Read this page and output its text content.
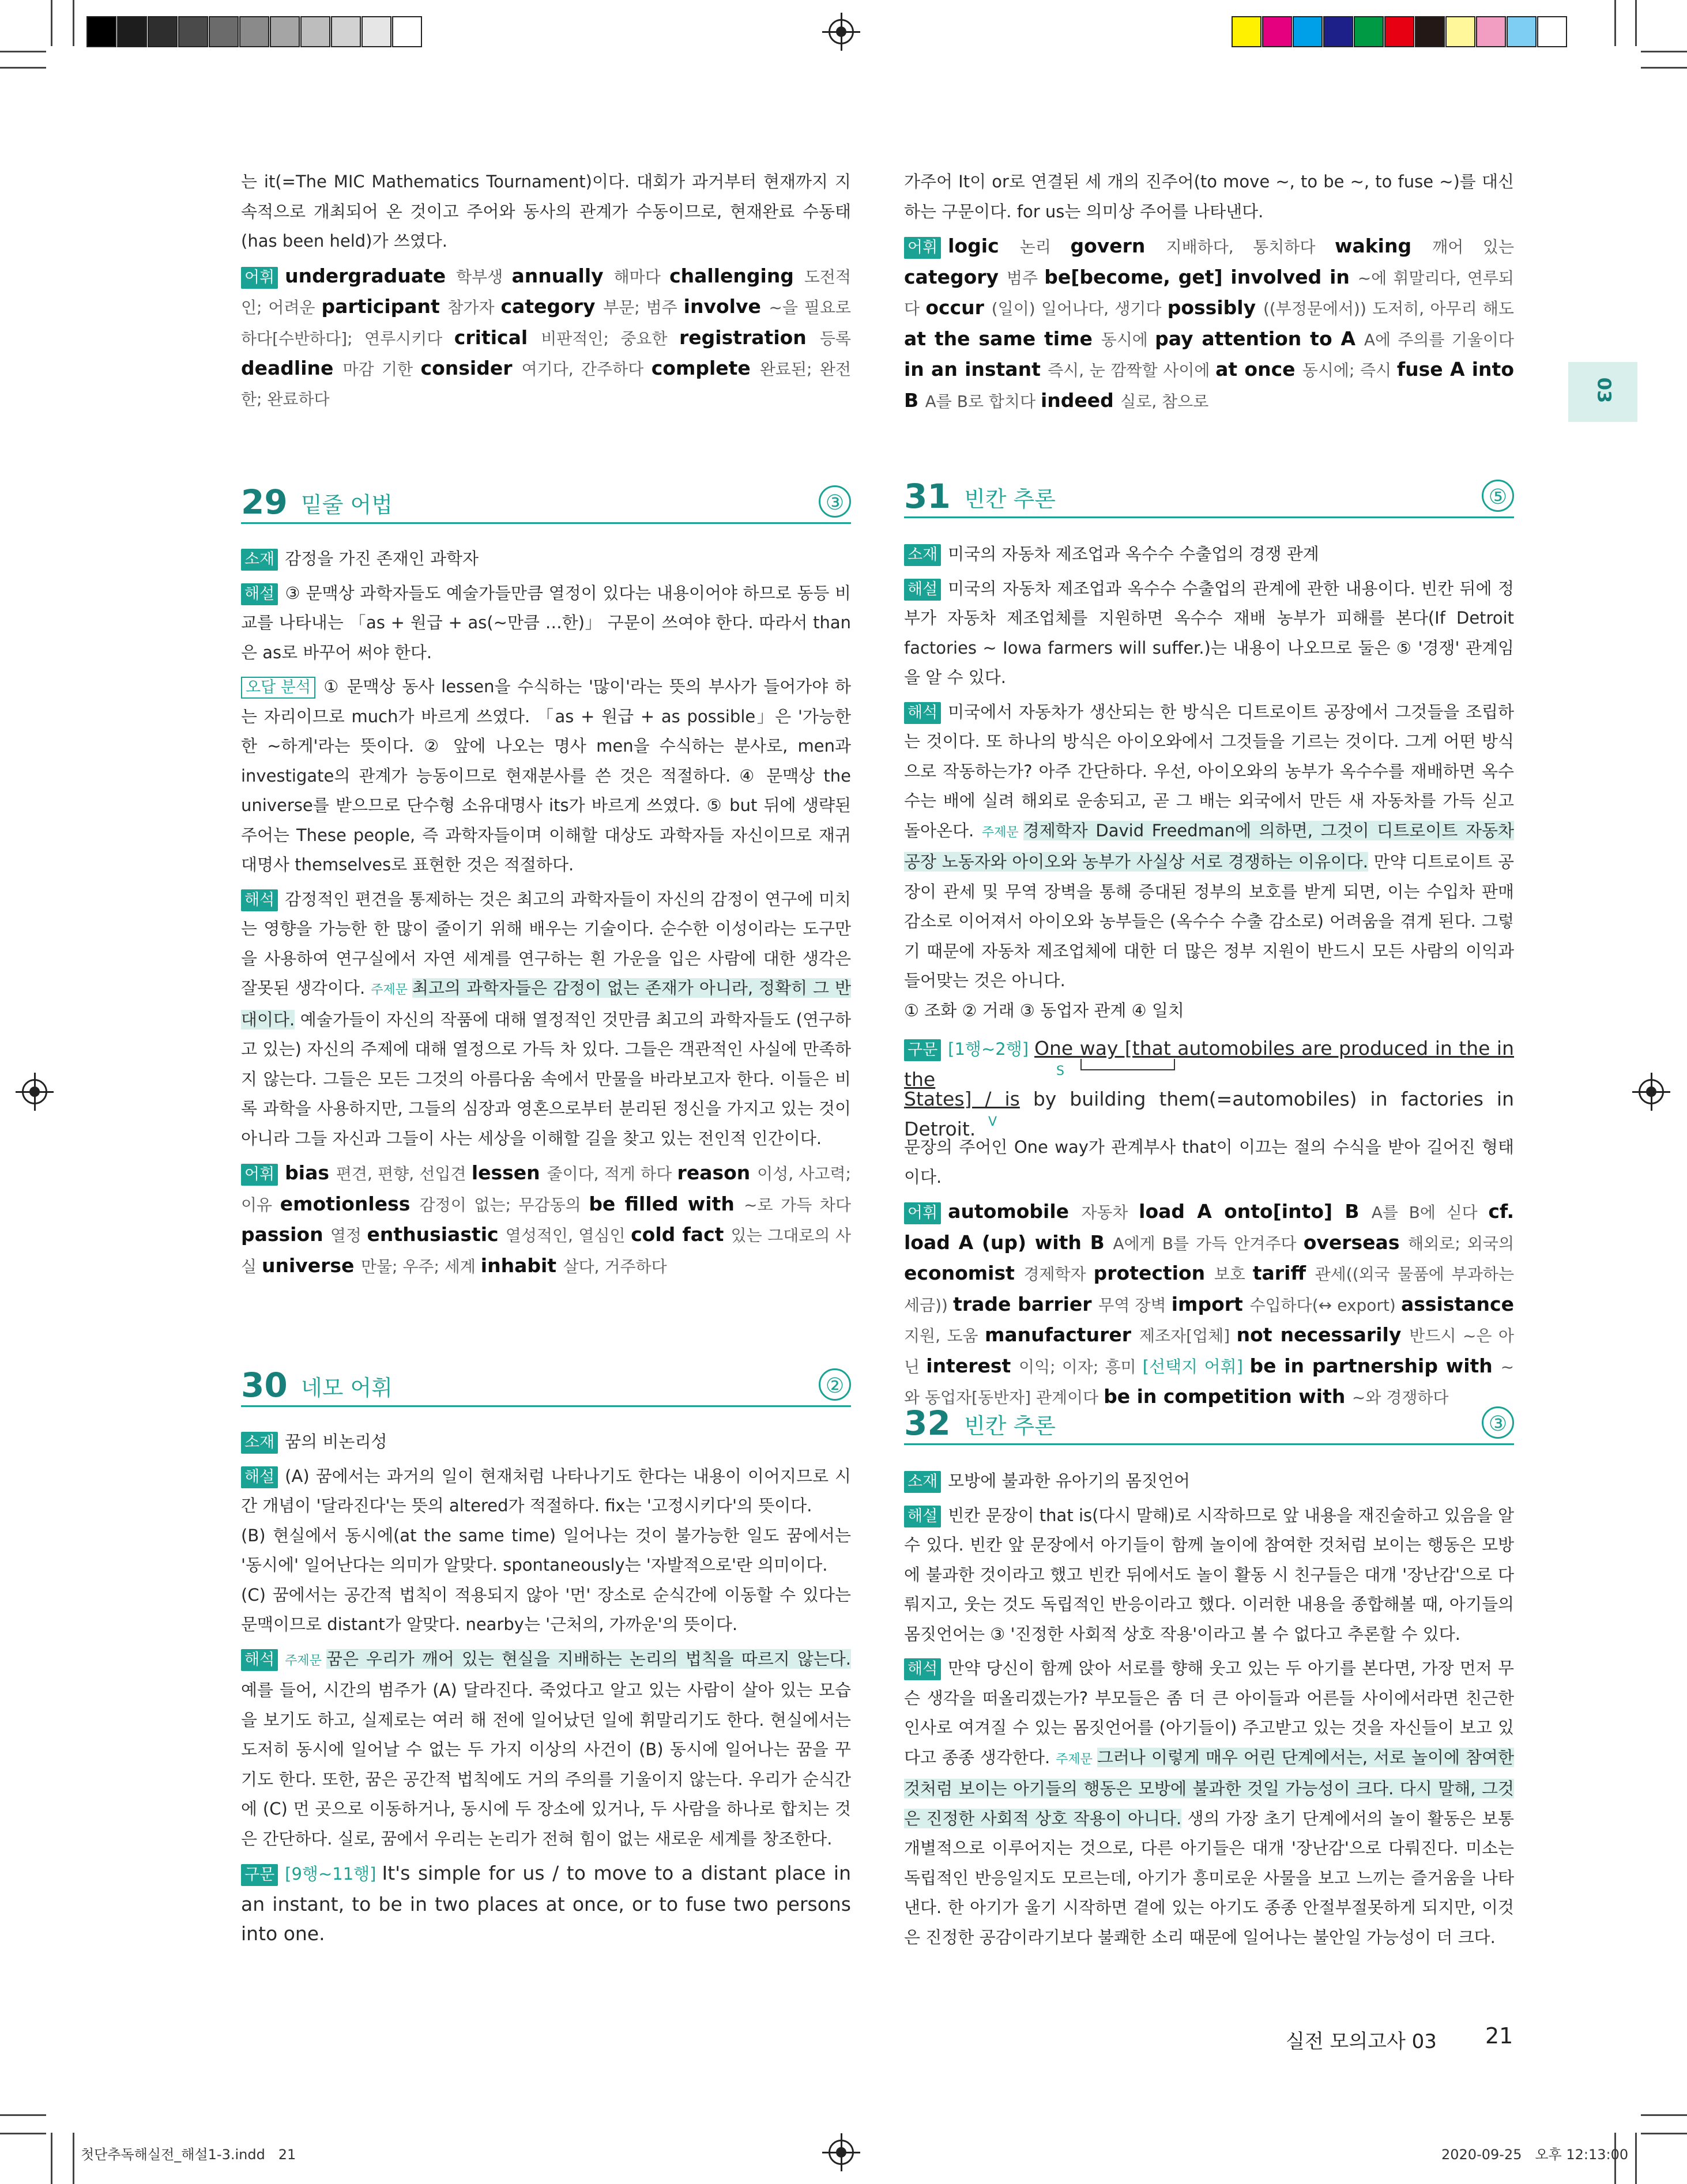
03

는 it(=The MIC Mathematics Tournament)이다. 대회가 과거부터 현재까지 지속적으로 개최되어 온 것이고 주어와 동사의 관계가 수동이므로, 현재완료 수동태(has been held)가 쓰였다.

어휘 undergraduate 학부생 annually 해마다 challenging 도전적인; 어려운 participant 참가자 category 부문; 범주 involve ~을 필요로 하다[수반하다]; 연루시키다 critical 비판적인; 중요한 registration 등록 deadline 마감 기한 consider 여기다, 간주하다 complete 완료된; 완전한; 완료하다

29 밑줄 어법	③

소재 감정을 가진 존재인 과학자

해설 ③ 문맥상 과학자들도 예술가들만큼 열정이 있다는 내용이어야 하므로 동등 비교를 나타내는 「as + 원급 + as(~만큼 …한)」 구문이 쓰여야 한다. 따라서 than은 as로 바꾸어 써야 한다.

오답 분석 ① 문맥상 동사 lessen을 수식하는 '많이'라는 뜻의 부사가 들어가야 하는 자리이므로 much가 바르게 쓰였다. 「as + 원급 + as possible」은 '가능한 한 ~하게'라는 뜻이다. ② 앞에 나오는 명사 men을 수식하는 분사로, men과 investigate의 관계가 능동이므로 현재분사를 쓴 것은 적절하다. ④ 문맥상 the universe를 받으므로 단수형 소유대명사 its가 바르게 쓰였다. ⑤ but 뒤에 생략된 주어는 These people, 즉 과학자들이며 이해할 대상도 과학자들 자신이므로 재귀대명사 themselves로 표현한 것은 적절하다.

해석 감정적인 편견을 통제하는 것은 최고의 과학자들이 자신의 감정이 연구에 미치는 영향을 가능한 한 많이 줄이기 위해 배우는 기술이다. 순수한 이성이라는 도구만을 사용하여 연구실에서 자연 세계를 연구하는 흰 가운을 입은 사람에 대한 생각은 잘못된 생각이다. 주제문 최고의 과학자들은 감정이 없는 존재가 아니라, 정확히 그 반대이다. 예술가들이 자신의 작품에 대해 열정적인 것만큼 최고의 과학자들도 (연구하고 있는) 자신의 주제에 대해 열정으로 가득 차 있다. 그들은 객관적인 사실에 만족하지 않는다. 그들은 모든 그것의 아름다움 속에서 만물을 바라보고자 한다. 이들은 비록 과학을 사용하지만, 그들의 심장과 영혼으로부터 분리된 정신을 가지고 있는 것이 아니라 그들 자신과 그들이 사는 세상을 이해할 길을 찾고 있는 전인적 인간이다.

어휘 bias 편견, 편향, 선입견 lessen 줄이다, 적게 하다 reason 이성, 사고력; 이유 emotionless 감정이 없는; 무감동의 be filled with ~로 가득 차다 passion 열정 enthusiastic 열성적인, 열심인 cold fact 있는 그대로의 사실 universe 만물; 우주; 세계 inhabit 살다, 거주하다

30 네모 어휘	②

소재 꿈의 비논리성

해설 (A) 꿈에서는 과거의 일이 현재처럼 나타나기도 한다는 내용이 이어지므로 시간 개념이 '달라진다'는 뜻의 altered가 적절하다. fix는 '고정시키다'의 뜻이다.

(B) 현실에서 동시에(at the same time) 일어나는 것이 불가능한 일도 꿈에서는 '동시에' 일어난다는 의미가 알맞다. spontaneously는 '자발적으로'란 의미이다.

(C) 꿈에서는 공간적 법칙이 적용되지 않아 '먼' 장소로 순식간에 이동할 수 있다는 문맥이므로 distant가 알맞다. nearby는 '근처의, 가까운'의 뜻이다.

해석 주제문 꿈은 우리가 깨어 있는 현실을 지배하는 논리의 법칙을 따르지 않는다. 예를 들어, 시간의 범주가 (A) 달라진다. 죽었다고 알고 있는 사람이 살아 있는 모습을 보기도 하고, 실제로는 여러 해 전에 일어났던 일에 휘말리기도 한다. 현실에서는 도저히 동시에 일어날 수 없는 두 가지 이상의 사건이 (B) 동시에 일어나는 꿈을 꾸기도 한다. 또한, 꿈은 공간적 법칙에도 거의 주의를 기울이지 않는다. 우리가 순식간에 (C) 먼 곳으로 이동하거나, 동시에 두 장소에 있거나, 두 사람을 하나로 합치는 것은 간단하다. 실로, 꿈에서 우리는 논리가 전혀 힘이 없는 새로운 세계를 창조한다.

구문 [9행~11행] It's simple for us / to move to a distant place in an instant, to be in two places at once, or to fuse two persons into one.

가주어 It이 or로 연결된 세 개의 진주어(to move ~, to be ~, to fuse ~)를 대신하는 구문이다. for us는 의미상 주어를 나타낸다.

어휘 logic 논리 govern 지배하다, 통치하다 waking 깨어 있는 category 범주 be[become, get] involved in ~에 휘말리다, 연루되다 occur (일이) 일어나다, 생기다 possibly ((부정문에서)) 도저히, 아무리 해도 at the same time 동시에 pay attention to A A에 주의를 기울이다 in an instant 즉시, 눈 깜짝할 사이에 at once 동시에; 즉시 fuse A into B A를 B로 합치다 indeed 실로, 참으로

31 빈칸 추론	⑤

소재 미국의 자동차 제조업과 옥수수 수출업의 경쟁 관계

해설 미국의 자동차 제조업과 옥수수 수출업의 관계에 관한 내용이다. 빈칸 뒤에 정부가 자동차 제조업체를 지원하면 옥수수 재배 농부가 피해를 본다(If Detroit factories ~ Iowa farmers will suffer.)는 내용이 나오므로 둘은 ⑤ '경쟁' 관계임을 알 수 있다.

해석 미국에서 자동차가 생산되는 한 방식은 디트로이트 공장에서 그것들을 조립하는 것이다. 또 하나의 방식은 아이오와에서 그것들을 기르는 것이다. 그게 어떤 방식으로 작동하는가? 아주 간단하다. 우선, 아이오와의 농부가 옥수수를 재배하면 옥수수는 배에 실려 해외로 운송되고, 곧 그 배는 외국에서 만든 새 자동차를 가득 싣고 돌아온다. 주제문 경제학자 David Freedman에 의하면, 그것이 디트로이트 자동차 공장 노동자와 아이오와 농부가 사실상 서로 경쟁하는 이유이다. 만약 디트로이트 공장이 관세 및 무역 장벽을 통해 증대된 정부의 보호를 받게 되면, 이는 수입차 판매 감소로 이어져서 아이오와 농부들은 (옥수수 수출 감소로) 어려움을 겪게 된다. 그렇기 때문에 자동차 제조업체에 대한 더 많은 정부 지원이 반드시 모든 사람의 이익과 들어맞는 것은 아니다.

① 조화 ② 거래 ③ 동업자 관계 ④ 일치

구문 [1행~2행] One way [that automobiles are produced in the in the	S
States] / is by building them(=automobiles) in factories in Detroit. V

문장의 주어인 One way가 관계부사 that이 이끄는 절의 수식을 받아 길어진 형태이다.

어휘 automobile 자동차 load A onto[into] B A를 B에 싣다 cf. load A (up) with B A에게 B를 가득 안겨주다 overseas 해외로; 외국의 economist 경제학자 protection 보호 tariff 관세((외국 물품에 부과하는 세금)) trade barrier 무역 장벽 import 수입하다(↔ export) assistance 지원, 도움 manufacturer 제조자[업체] not necessarily 반드시 ~은 아닌 interest 이익; 이자; 흥미 [선택지 어휘] be in partnership with ~와 동업자[동반자] 관계이다 be in competition with ~와 경쟁하다

32 빈칸 추론	③

소재 모방에 불과한 유아기의 몸짓언어

해설 빈칸 문장이 that is(다시 말해)로 시작하므로 앞 내용을 재진술하고 있음을 알 수 있다. 빈칸 앞 문장에서 아기들이 함께 놀이에 참여한 것처럼 보이는 행동은 모방에 불과한 것이라고 했고 빈칸 뒤에서도 놀이 활동 시 친구들은 대개 '장난감'으로 다뤄지고, 웃는 것도 독립적인 반응이라고 했다. 이러한 내용을 종합해볼 때, 아기들의 몸짓언어는 ③ '진정한 사회적 상호 작용'이라고 볼 수 없다고 추론할 수 있다.

해석 만약 당신이 함께 앉아 서로를 향해 웃고 있는 두 아기를 본다면, 가장 먼저 무슨 생각을 떠올리겠는가? 부모들은 좀 더 큰 아이들과 어른들 사이에서라면 친근한 인사로 여겨질 수 있는 몸짓언어를 (아기들이) 주고받고 있는 것을 자신들이 보고 있다고 종종 생각한다. 주제문 그러나 이렇게 매우 어린 단계에서는, 서로 놀이에 참여한 것처럼 보이는 아기들의 행동은 모방에 불과한 것일 가능성이 크다. 다시 말해, 그것은 진정한 사회적 상호 작용이 아니다. 생의 가장 초기 단계에서의 놀이 활동은 보통 개별적으로 이루어지는 것으로, 다른 아기들은 대개 '장난감'으로 다뤄진다. 미소는 독립적인 반응일지도 모르는데, 아기가 흥미로운 사물을 보고 느끼는 즐거움을 나타낸다. 한 아기가 울기 시작하면 곁에 있는 아기도 종종 안절부절못하게 되지만, 이것은 진정한 공감이라기보다 불쾌한 소리 때문에 일어나는 불안일 가능성이 더 크다.

실전 모의고사 03 21
첫단추독해실전_해설1-3.indd   21	2020-09-25   오후 12:13:00
